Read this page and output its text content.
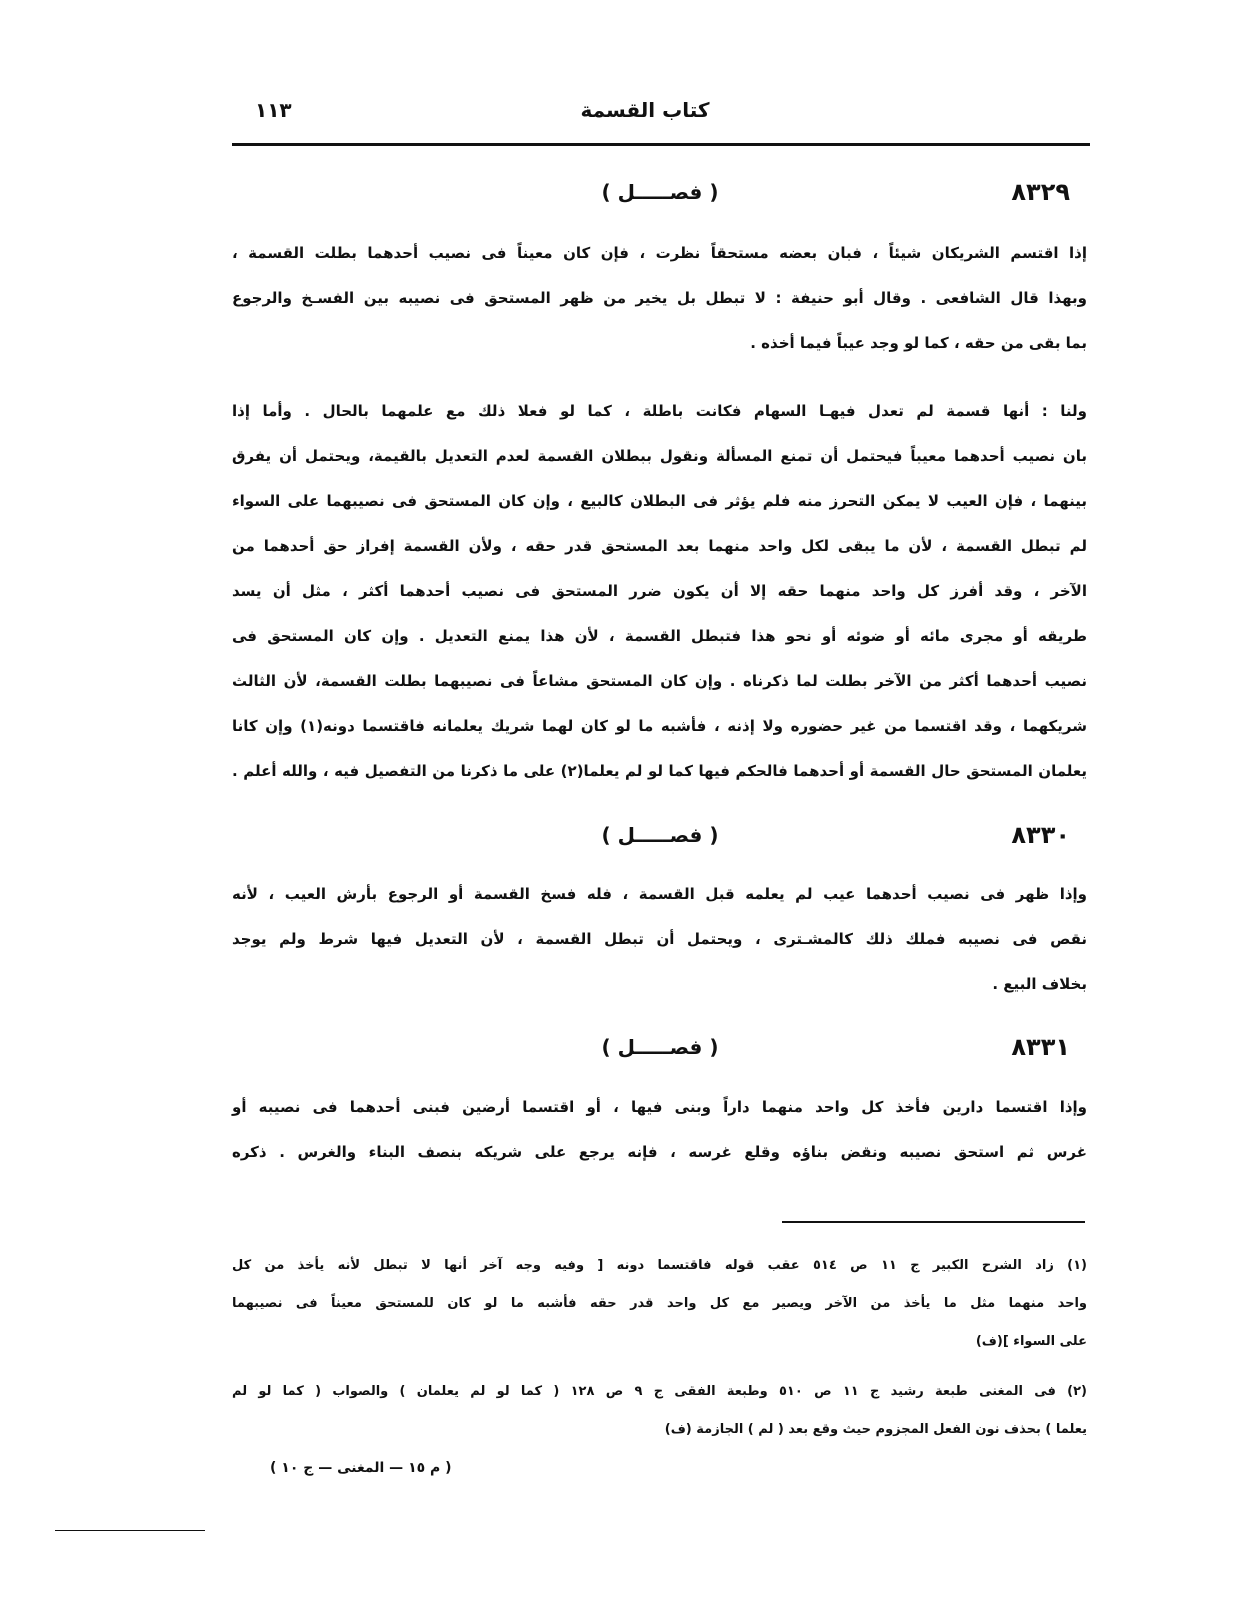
١١٣	كتاب القسمة
٨٣٢٩
( فصـــــل )
٨٣٣٠
( فصـــــل )
٨٣٣١
( فصـــــل )
إذا اقتسم الشريكان شيئاً ، فبان بعضه مستحقاً نظرت ، فإن كان معيناً فى نصيب أحدهما بطلت القسمة ،
وبهذا قال الشافعى . وقال أبو حنيفة : لا تبطل بل يخير من ظهر المستحق فى نصيبه بين الفسـخ والرجوع
بما بقى من حقه ، كما لو وجد عيباً فيما أخذه .
ولنا : أنها قسمة لم تعدل فيهـا السهام فكانت باطلة ، كما لو فعلا ذلك مع علمهما بالحال . وأما إذا
بان نصيب أحدهما معيباً فيحتمل أن تمنع المسألة ونقول ببطلان القسمة لعدم التعديل بالقيمة، ويحتمل أن يفرق
بينهما ، فإن العيب لا يمكن التحرز منه فلم يؤثر فى البطلان كالبيع ، وإن كان المستحق فى نصيبهما على السواء
لم تبطل القسمة ، لأن ما يبقى لكل واحد منهما بعد المستحق قدر حقه ، ولأن القسمة إفراز حق أحدهما من
الآخر ، وقد أفرز كل واحد منهما حقه إلا أن يكون ضرر المستحق فى نصيب أحدهما أكثر ، مثل أن يسد
طريقه أو مجرى مائه أو ضوئه أو نحو هذا فتبطل القسمة ، لأن هذا يمنع التعديل . وإن كان المستحق فى
نصيب أحدهما أكثر من الآخر بطلت لما ذكرناه . وإن كان المستحق مشاعاً فى نصيبهما بطلت القسمة، لأن الثالث
شريكهما ، وقد اقتسما من غير حضوره ولا إذنه ، فأشبه ما لو كان لهما شريك يعلمانه فاقتسما دونه(١) وإن كانا
يعلمان المستحق حال القسمة أو أحدهما فالحكم فيها كما لو لم يعلما(٢) على ما ذكرنا من التفصيل فيه ، والله أعلم .
وإذا ظهر فى نصيب أحدهما عيب لم يعلمه قبل القسمة ، فله فسخ القسمة أو الرجوع بأرش العيب ، لأنه
نقص فى نصيبه فملك ذلك كالمشـترى ، ويحتمل أن تبطل القسمة ، لأن التعديل فيها شرط ولم يوجد
بخلاف البيع .
وإذا اقتسما دارين فأخذ كل واحد منهما داراً وبنى فيها ، أو اقتسما أرضين فبنى أحدهما فى نصيبه أو
غرس ثم استحق نصيبه ونقض بناؤه وقلع غرسه ، فإنه يرجع على شريكه بنصف البناء والغرس . ذكره
(١) زاد الشرح الكبير ج ١١ ص ٥١٤ عقب قوله فاقتسما دونه [ وفيه وجه آخر أنها لا تبطل لأنه يأخذ من كل
واحد منهما مثل ما يأخذ من الآخر ويصير مع كل واحد قدر حقه فأشبه ما لو كان للمستحق معيناً فى نصيبهما
على السواء ](ف)
(٢) فى المغنى طبعة رشيد ج ١١ ص ٥١٠ وطبعة الفقى ج ٩ ص ١٢٨ ( كما لو لم يعلمان ) والصواب ( كما لو لم
يعلما ) بحذف نون الفعل المجزوم حيث وقع بعد ( لم ) الجازمة (ف)
( م ١٥ — المغنى — ج ١٠ )
